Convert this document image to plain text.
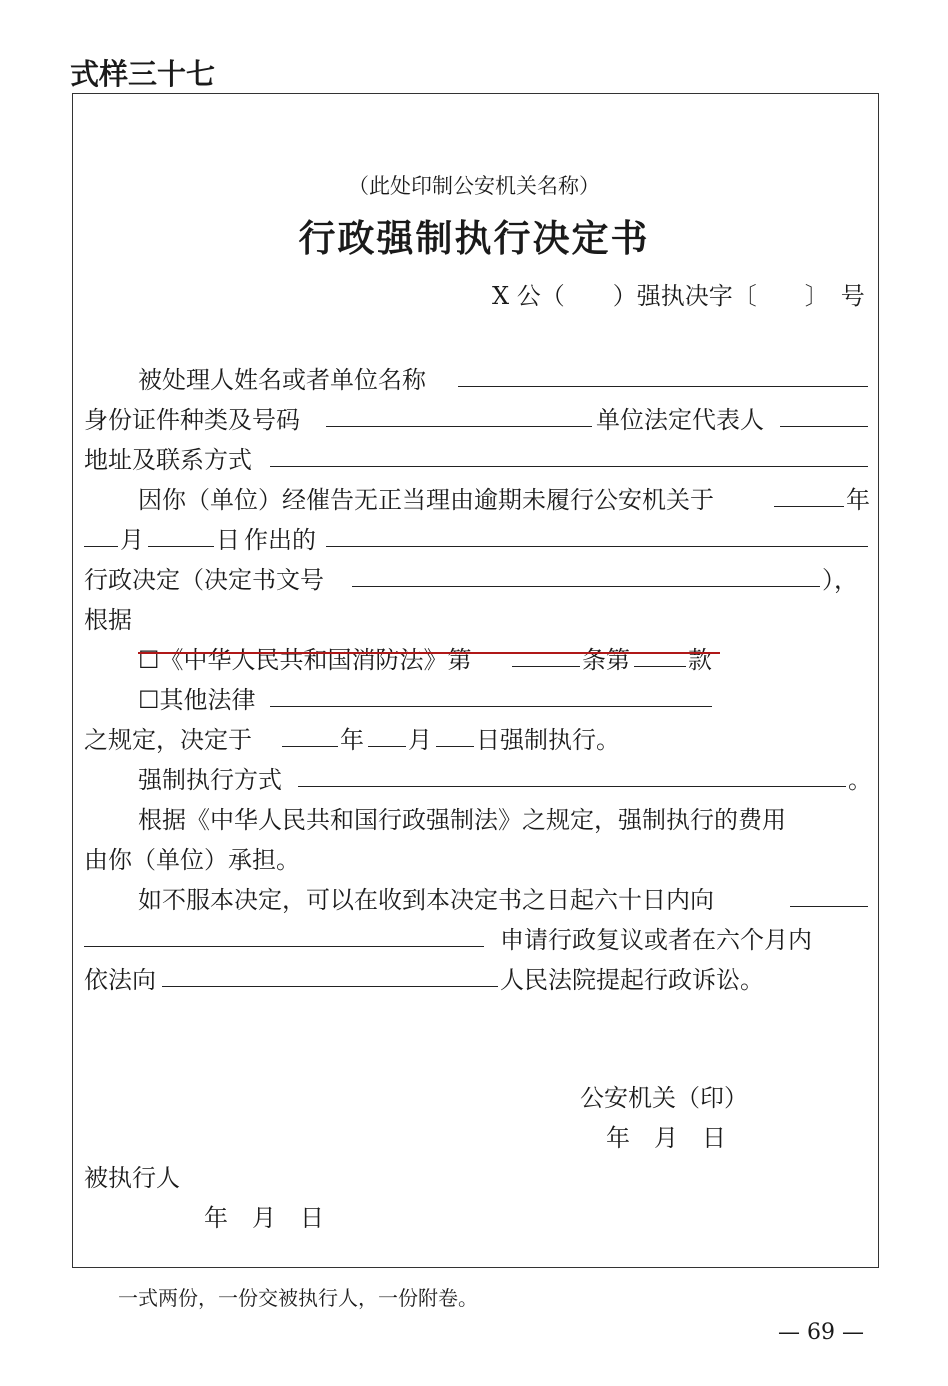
式样三十七
（此处印制公安机关名称）
行政强制执行决定书
X 公（　　）强执决字〔　　〕　号
被处理人姓名或者单位名称
身份证件种类及号码	单位法定代表人
地址及联系方式
因你（单位）经催告无正当理由逾期未履行公安机关于	年
月	日 作出的
行政决定（决定书文号	），
根据
☐《中华人民共和国消防法》第	条第 款
☐其他法律
之规定，决定于	年 月 日强制执行。
强制执行方式	。
根据《中华人民共和国行政强制法》之规定，强制执行的费用
由你（单位）承担。
如不服本决定，可以在收到本决定书之日起六十日内向
申请行政复议或者在六个月内
依法向	人民法院提起行政诉讼。
公安机关（印）
年　月　日
被执行人
年　月　日
一式两份，一份交被执行人，一份附卷。
— 69 —
